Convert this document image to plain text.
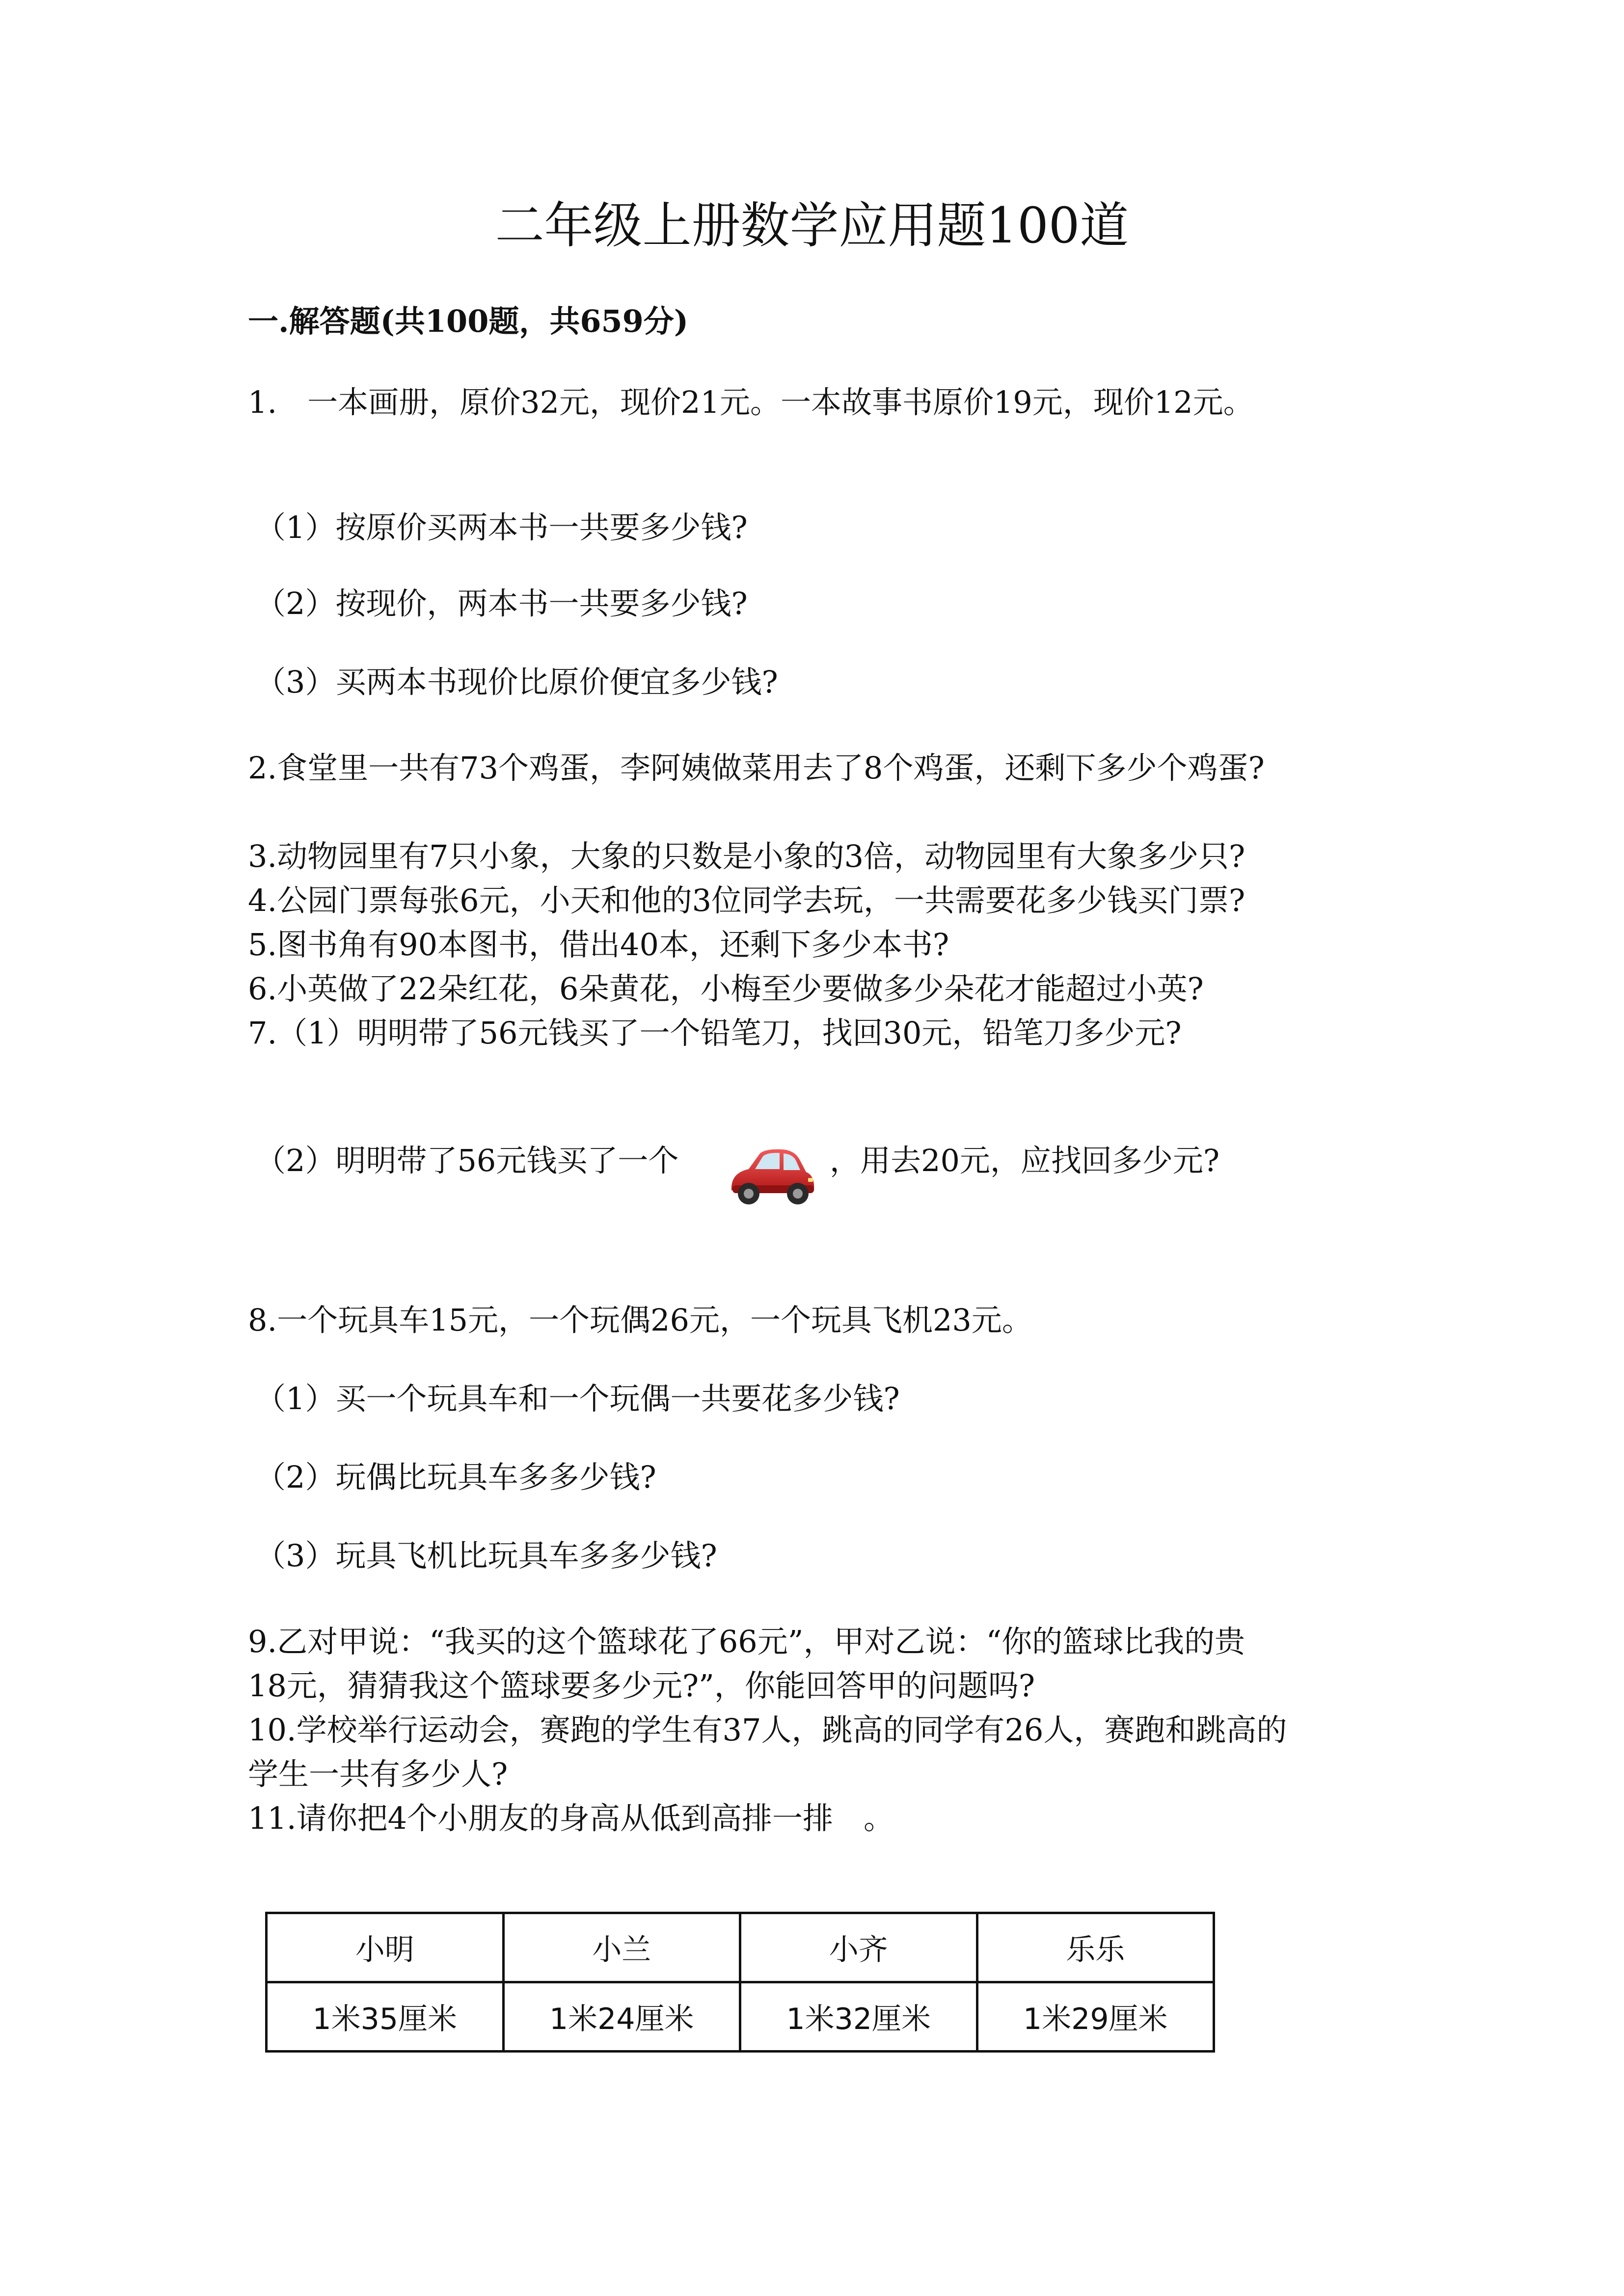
二年级上册数学应用题100道
一.解答题(共100题，共659分)
1.　一本画册，原价32元，现价21元。一本故事书原价19元，现价12元。
（1）按原价买两本书一共要多少钱?
（2）按现价，两本书一共要多少钱?
（3）买两本书现价比原价便宜多少钱?
2.食堂里一共有73个鸡蛋，李阿姨做菜用去了8个鸡蛋，还剩下多少个鸡蛋?
3.动物园里有7只小象，大象的只数是小象的3倍，动物园里有大象多少只?
4.公园门票每张6元，小天和他的3位同学去玩，一共需要花多少钱买门票?
5.图书角有90本图书，借出40本，还剩下多少本书?
6.小英做了22朵红花，6朵黄花，小梅至少要做多少朵花才能超过小英?
7.（1）明明带了56元钱买了一个铅笔刀，找回30元，铅笔刀多少元?
（2）明明带了56元钱买了一个	，用去20元，应找回多少元?
8.一个玩具车15元，一个玩偶26元，一个玩具飞机23元。
（1）买一个玩具车和一个玩偶一共要花多少钱?
（2）玩偶比玩具车多多少钱?
（3）玩具飞机比玩具车多多少钱?
9.乙对甲说：“我买的这个篮球花了66元”，甲对乙说：“你的篮球比我的贵
18元，猜猜我这个篮球要多少元?”，你能回答甲的问题吗?
10.学校举行运动会，赛跑的学生有37人，跳高的同学有26人，赛跑和跳高的
学生一共有多少人?
11.请你把4个小朋友的身高从低到高排一排　。
小明	小兰	小齐	乐乐
1米35厘米	1米24厘米	1米32厘米	1米29厘米
